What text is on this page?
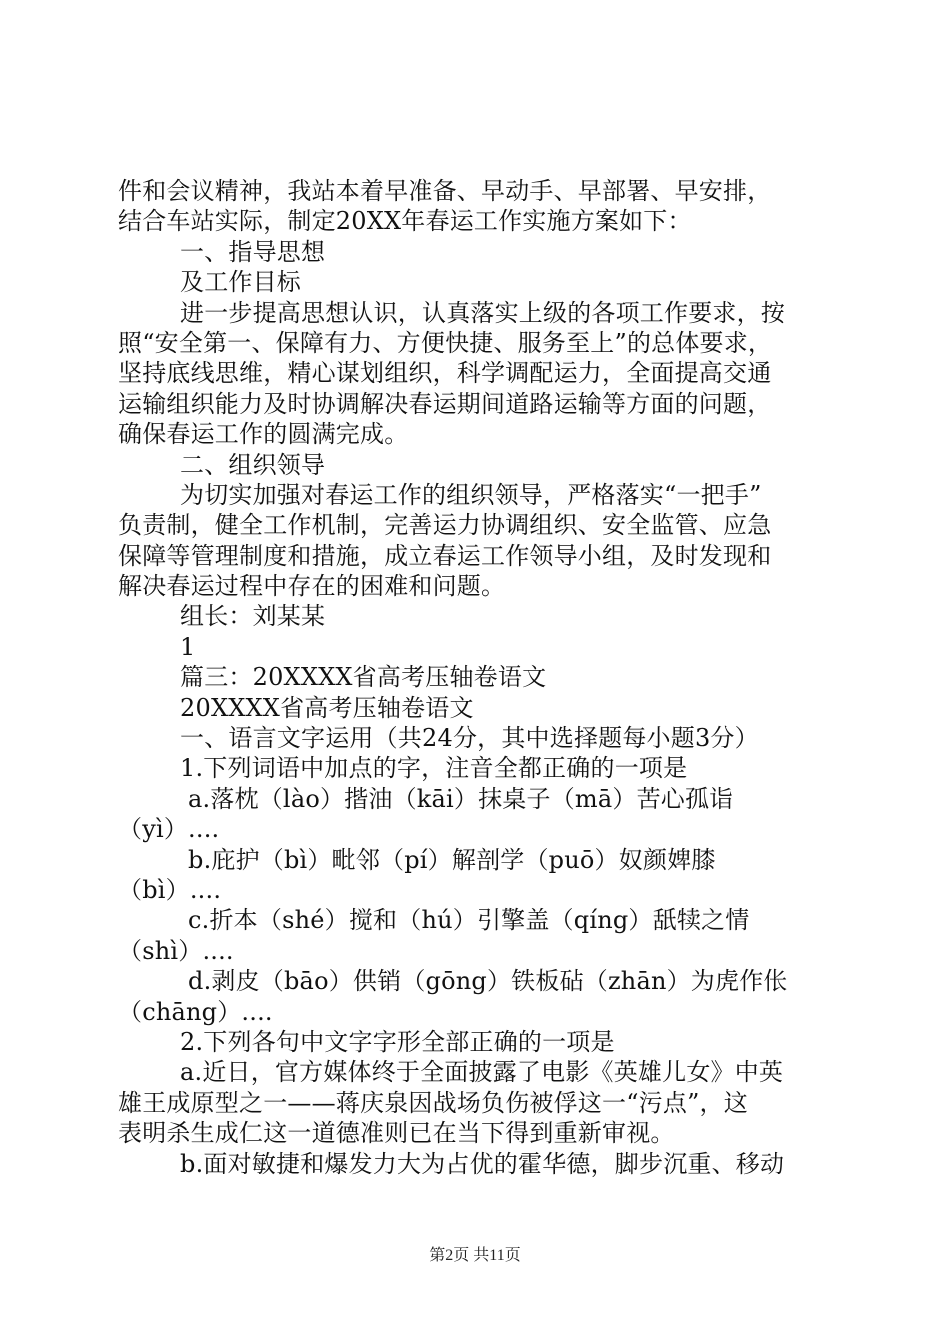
件和会议精神，我站本着早准备、早动手、早部署、早安排，
结合车站实际，制定20XX年春运工作实施方案如下：
一、指导思想
及工作目标
进一步提高思想认识，认真落实上级的各项工作要求，按
照“安全第一、保障有力、方便快捷、服务至上”的总体要求，
坚持底线思维，精心谋划组织，科学调配运力，全面提高交通
运输组织能力及时协调解决春运期间道路运输等方面的问题，
确保春运工作的圆满完成。
二、组织领导
为切实加强对春运工作的组织领导，严格落实“一把手”
负责制，健全工作机制，完善运力协调组织、安全监管、应急
保障等管理制度和措施，成立春运工作领导小组，及时发现和
解决春运过程中存在的困难和问题。
组长：刘某某
1
篇三：20XXXX省高考压轴卷语文
20XXXX省高考压轴卷语文
一、语言文字运用（共24分，其中选择题每小题3分）
1.下列词语中加点的字，注音全都正确的一项是
a.落枕（lào）揩油（kāi）抹桌子（mā）苦心孤诣
（yì）....
b.庇护（bì）毗邻（pí）解剖学（puō）奴颜婢膝
（bì）....
c.折本（shé）搅和（hú）引擎盖（qíng）舐犊之情
（shì）....
d.剥皮（bāo）供销（gōng）铁板砧（zhān）为虎作伥
（chāng）....
2.下列各句中文字字形全部正确的一项是
a.近日，官方媒体终于全面披露了电影《英雄儿女》中英
雄王成原型之一——蒋庆泉因战场负伤被俘这一“污点”，这
表明杀生成仁这一道德准则已在当下得到重新审视。
b.面对敏捷和爆发力大为占优的霍华德，脚步沉重、移动
第2页 共11页
